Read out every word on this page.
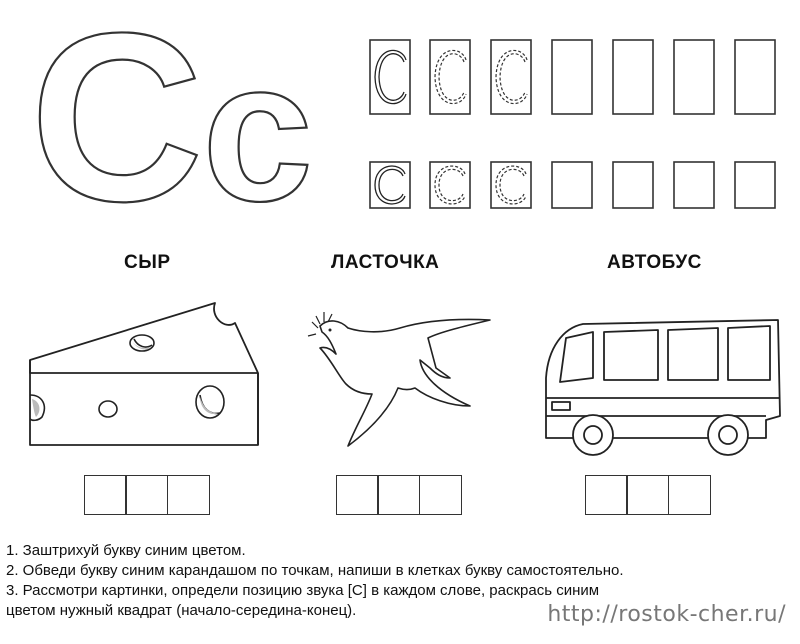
C
c
СЫР	ЛАСТОЧКА	АВТОБУС
1. Заштрихуй букву синим цветом.
2. Обведи букву синим карандашом по точкам, напиши в клетках букву самостоятельно.
3. Рассмотри картинки, определи позицию звука [С] в каждом слове, раскрась синим
цветом нужный квадрат (начало-середина-конец).	http://rostok-cher.ru/
